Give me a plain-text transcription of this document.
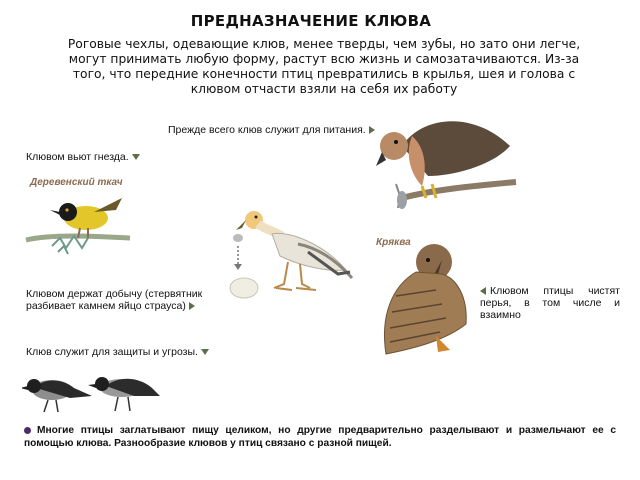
ПРЕДНАЗНАЧЕНИЕ КЛЮВА
Роговые чехлы, одевающие клюв, менее тверды, чем зубы, но зато они легче, могут принимать любую форму, растут всю жизнь и самозатачиваются. Из-за того, что передние конечности птиц превратились в крылья, шея и голова с клювом отчасти взяли на себя их работу
Прежде всего клюв служит для питания.
Клювом вьют гнезда.
Деревенский ткач
Клювом держат добычу (стервятник разбивает камнем яйцо страуса)
Кряква
Клювом птицы чистят перья, в том числе и взаимно
Клюв служит для защиты и угрозы.
Многие птицы заглатывают пищу целиком, но другие предварительно разделывают и размельчают ее с помощью клюва. Разнообразие клювов у птиц связано с разной пищей.
